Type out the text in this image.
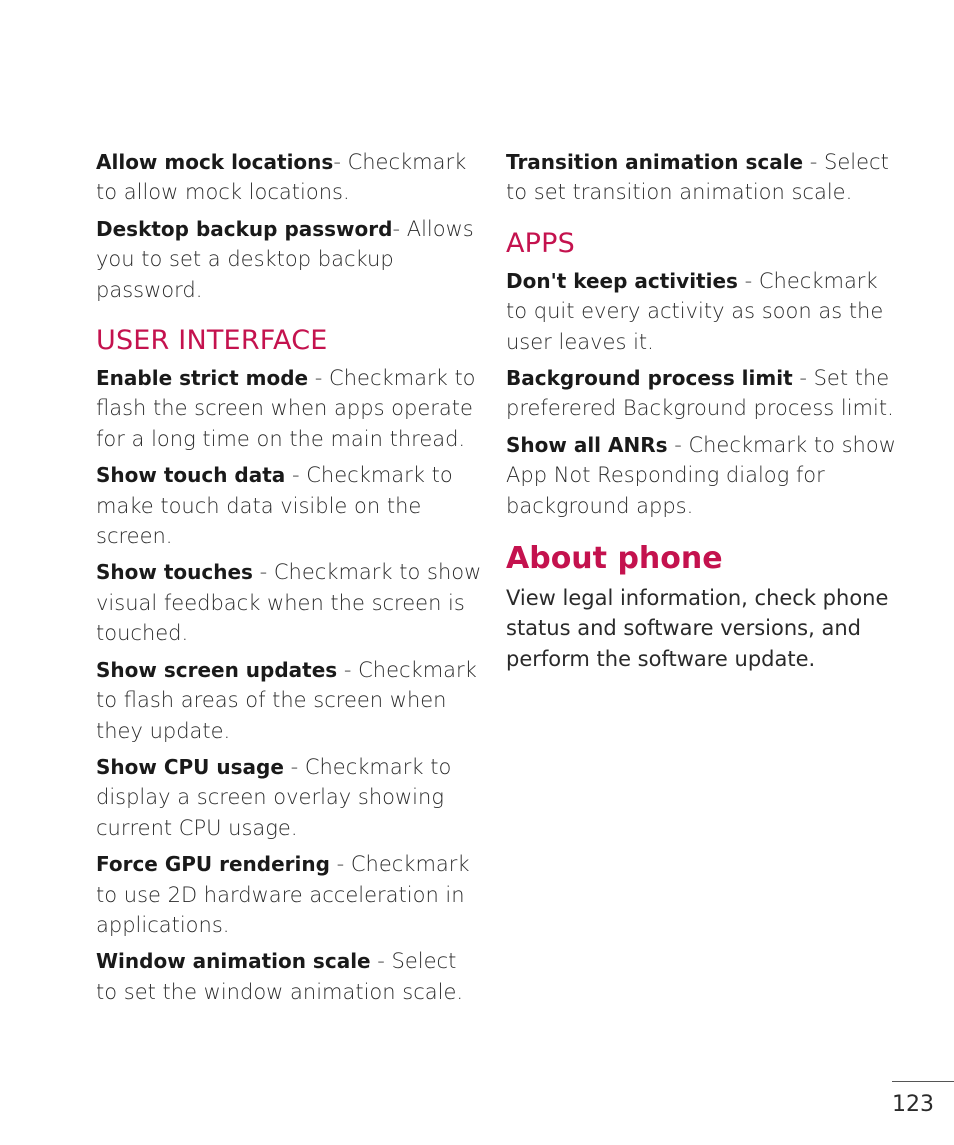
Allow mock locations- Checkmark to allow mock locations.

Desktop backup password- Allows you to set a desktop backup password.

USER INTERFACE

Enable strict mode - Checkmark to flash the screen when apps operate for a long time on the main thread.

Show touch data - Checkmark to make touch data visible on the screen.

Show touches - Checkmark to show visual feedback when the screen is touched.

Show screen updates - Checkmark to flash areas of the screen when they update.

Show CPU usage - Checkmark to display a screen overlay showing current CPU usage.

Force GPU rendering - Checkmark to use 2D hardware acceleration in applications.

Window animation scale - Select to set the window animation scale.

Transition animation scale - Select to set transition animation scale.

APPS

Don't keep activities - Checkmark to quit every activity as soon as the user leaves it.

Background process limit - Set the preferered Background process limit.

Show all ANRs - Checkmark to show App Not Responding dialog for background apps.

About phone

View legal information, check phone status and software versions, and perform the software update.

123
